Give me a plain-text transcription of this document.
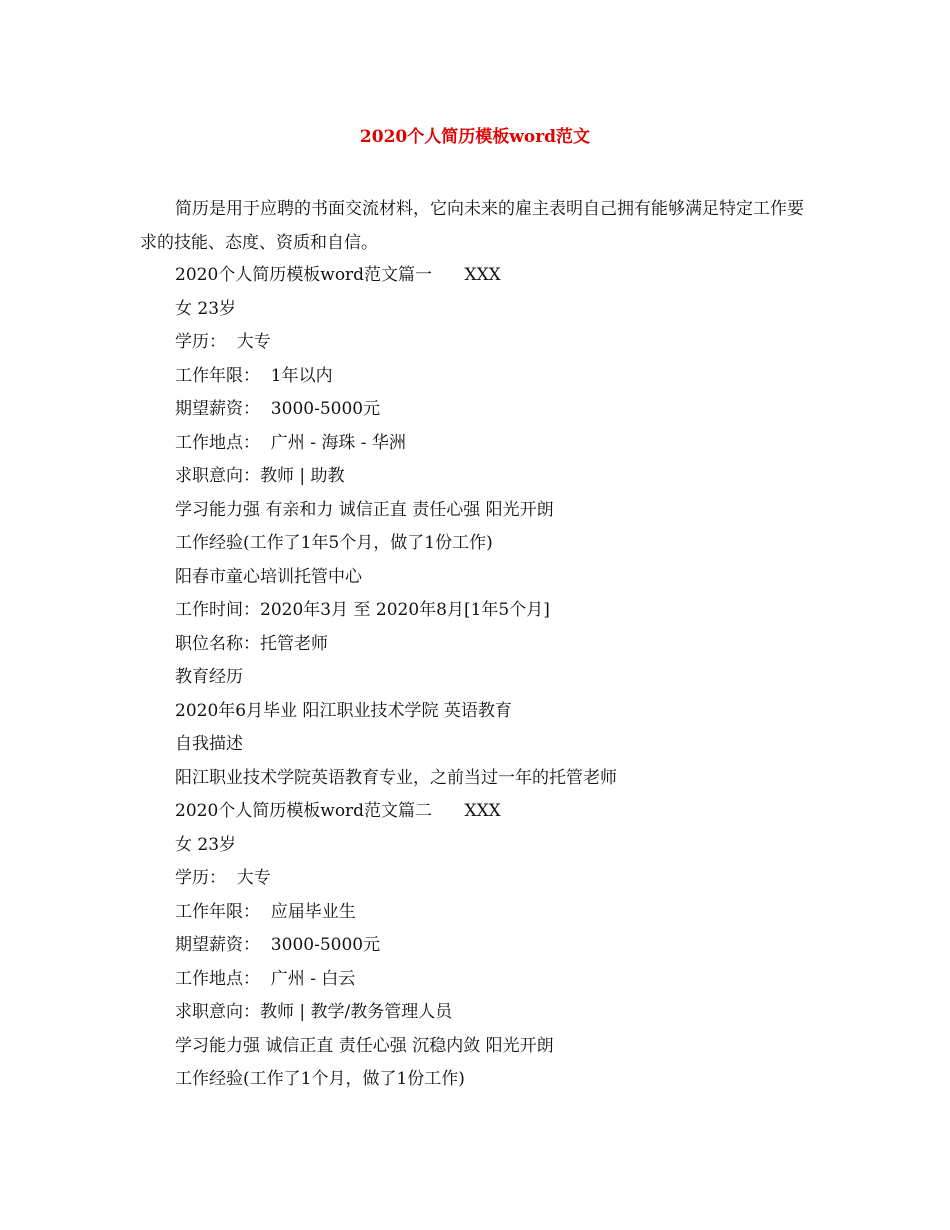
2020个人简历模板word范文

简历是用于应聘的书面交流材料，它向未来的雇主表明自己拥有能够满足特定工作要求的技能、态度、资质和自信。

2020个人简历模板word范文篇一      XXX
女 23岁
学历：  大专
工作年限：  1年以内
期望薪资：  3000-5000元
工作地点：  广州 - 海珠 - 华洲
求职意向：教师 | 助教
学习能力强 有亲和力 诚信正直 责任心强 阳光开朗
工作经验(工作了1年5个月，做了1份工作)
阳春市童心培训托管中心
工作时间：2020年3月 至 2020年8月[1年5个月]
职位名称：托管老师
教育经历
2020年6月毕业 阳江职业技术学院 英语教育
自我描述
阳江职业技术学院英语教育专业，之前当过一年的托管老师
2020个人简历模板word范文篇二      XXX
女 23岁
学历：  大专
工作年限：  应届毕业生
期望薪资：  3000-5000元
工作地点：  广州 - 白云
求职意向：教师 | 教学/教务管理人员
学习能力强 诚信正直 责任心强 沉稳内敛 阳光开朗
工作经验(工作了1个月，做了1份工作)
